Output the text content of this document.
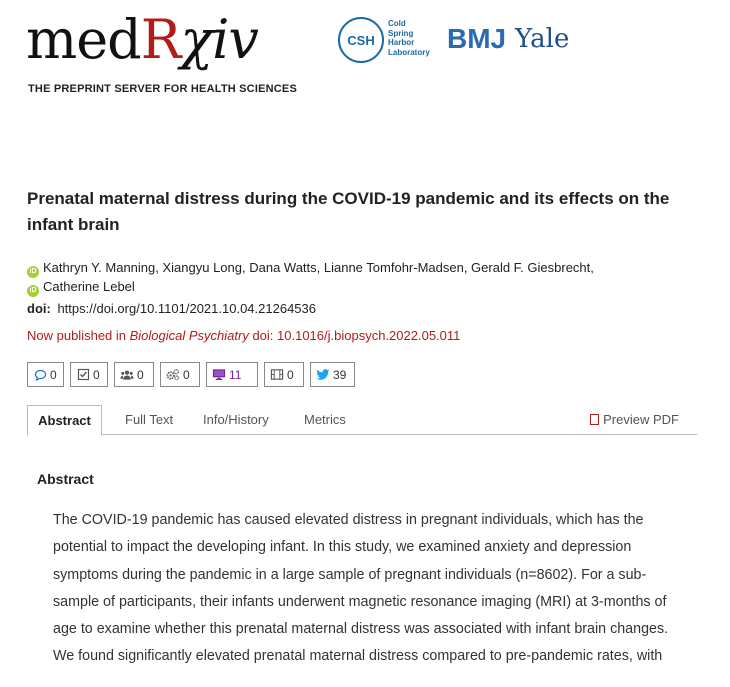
medRχiv
THE PREPRINT SERVER FOR HEALTH SCIENCES
CSH
Cold
Spring
Harbor
Laboratory BMJ Yale
Prenatal maternal distress during the COVID-19 pandemic and its effects on the infant brain
iD Kathryn Y. Manning, Xiangyu Long, Dana Watts, Lianne Tomfohr-Madsen, Gerald F. Giesbrecht,
iD Catherine Lebel
doi: https://doi.org/10.1101/2021.10.04.21264536
Now published in Biological Psychiatry doi: 10.1016/j.biopsych.2022.05.011
0	0	0	0	11	0	39
Abstract	Full Text Info/History	Metrics	Preview PDF
Abstract

The COVID-19 pandemic has caused elevated distress in pregnant individuals, which has the potential to impact the developing infant. In this study, we examined anxiety and depression symptoms during the pandemic in a large sample of pregnant individuals (n=8602). For a sub-sample of participants, their infants underwent magnetic resonance imaging (MRI) at 3-months of age to examine whether this prenatal maternal distress was associated with infant brain changes. We found significantly elevated prenatal maternal distress compared to pre-pandemic rates, with
